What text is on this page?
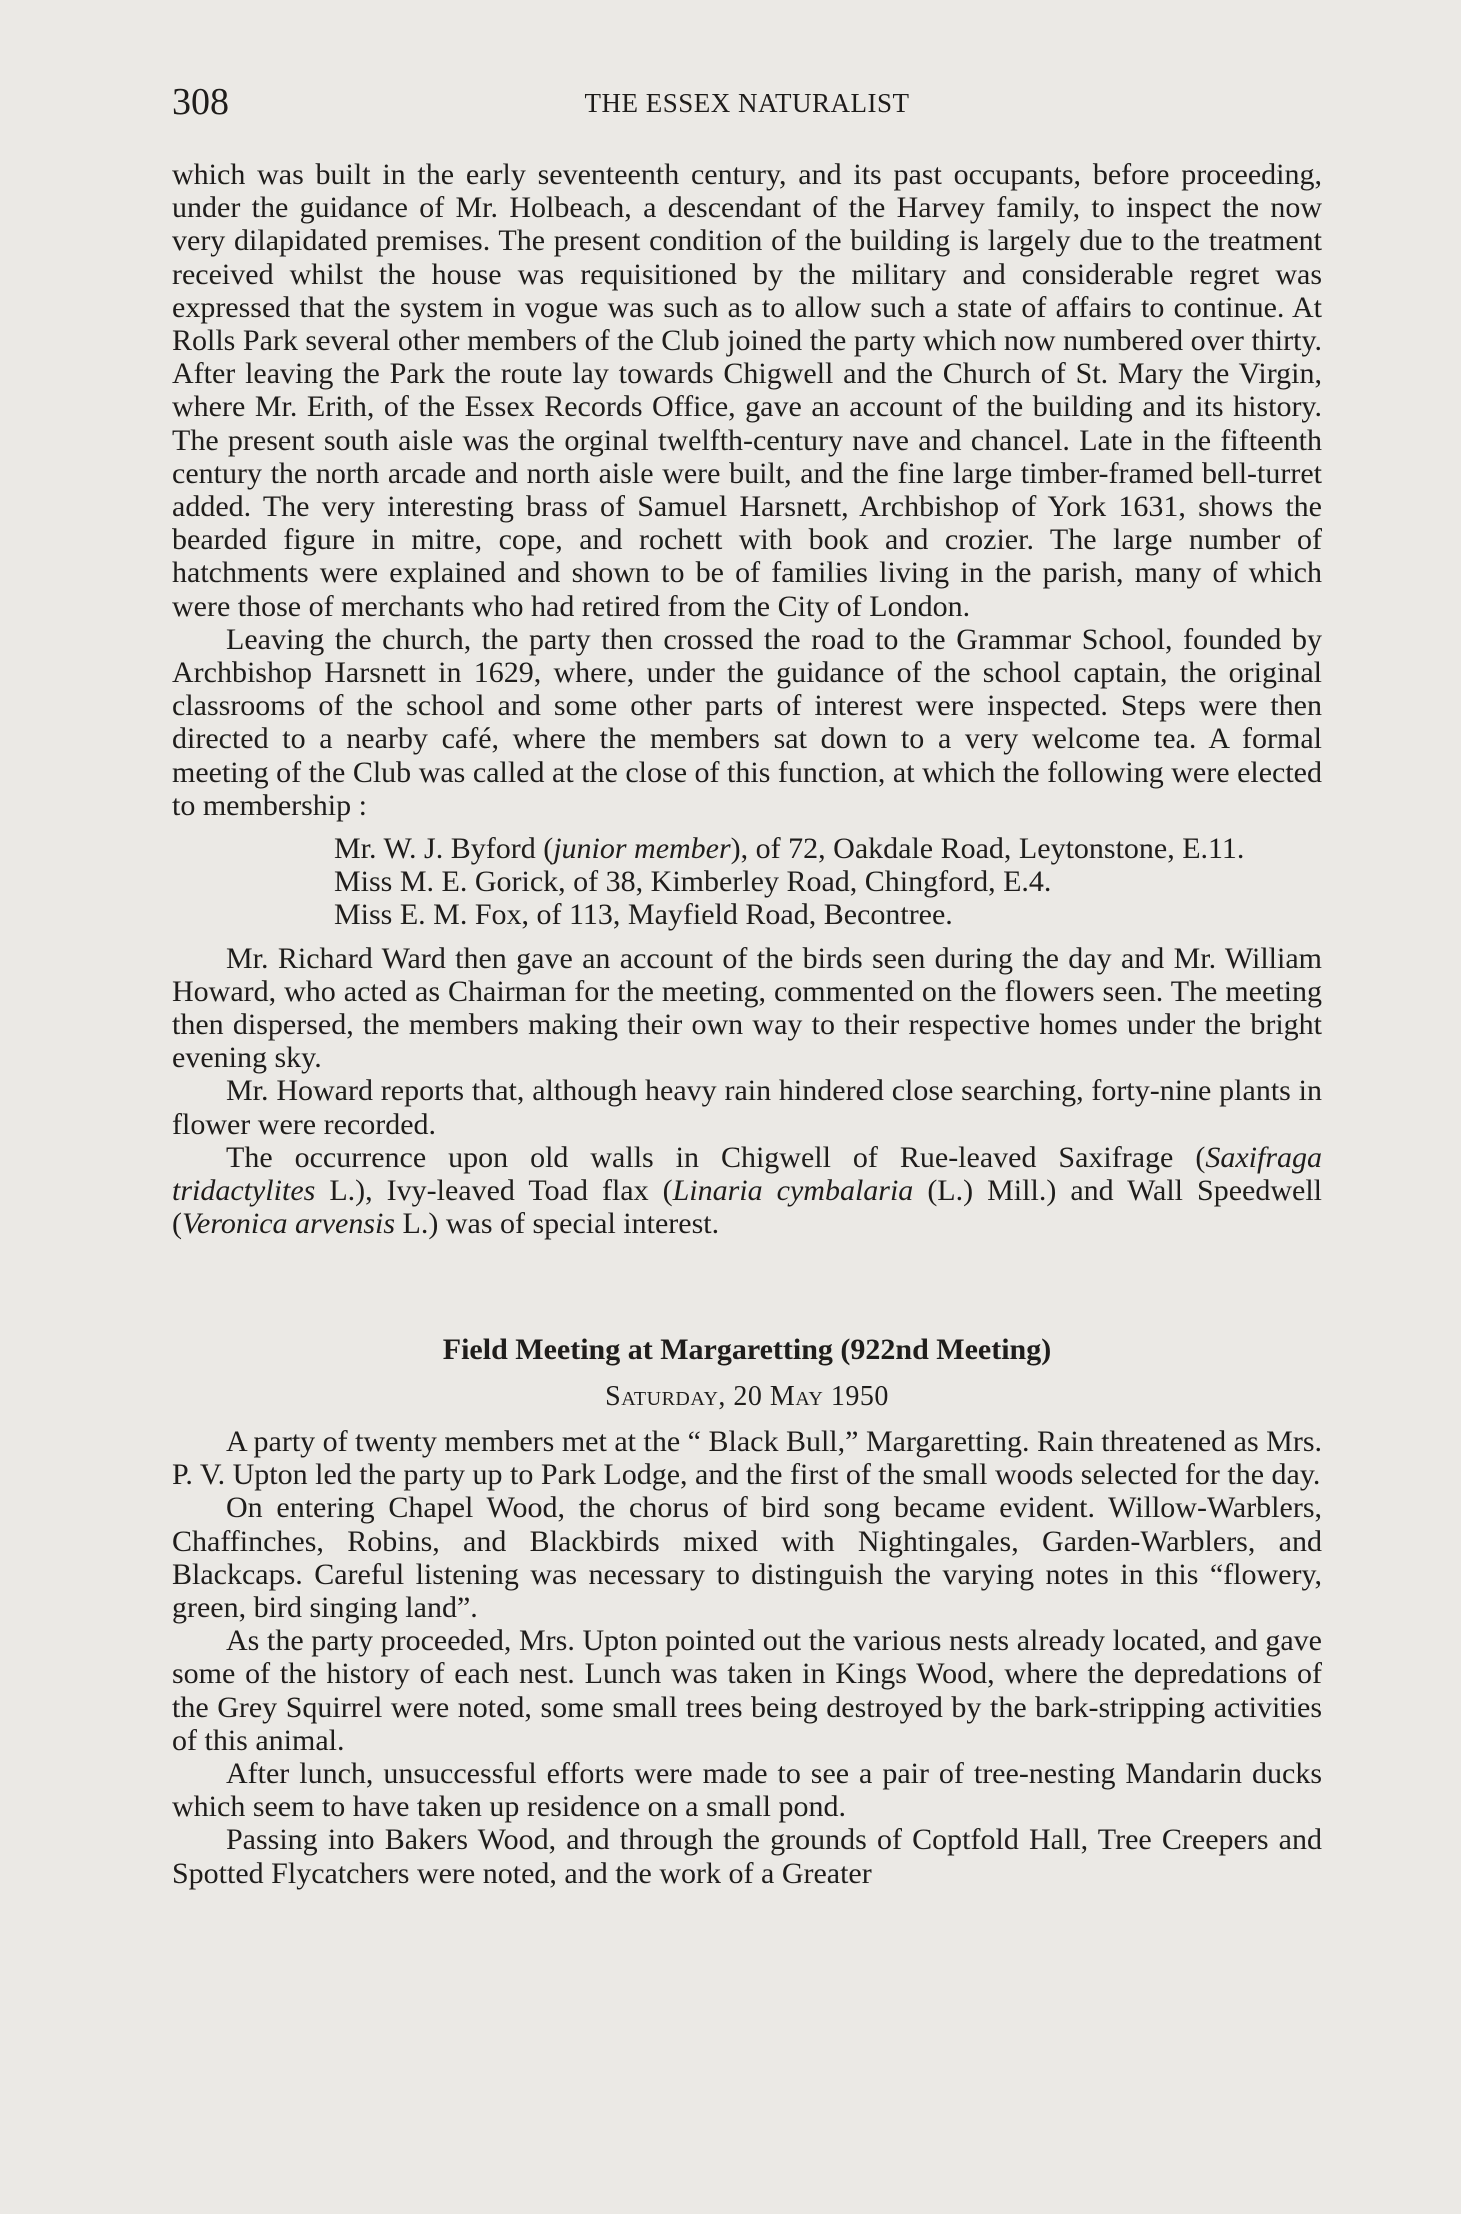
308	THE ESSEX NATURALIST

which was built in the early seventeenth century, and its past occupants, before proceeding, under the guidance of Mr. Holbeach, a descendant of the Harvey family, to inspect the now very dilapidated premises. The present condition of the building is largely due to the treatment received whilst the house was requisitioned by the military and considerable regret was expressed that the system in vogue was such as to allow such a state of affairs to continue. At Rolls Park several other members of the Club joined the party which now numbered over thirty. After leaving the Park the route lay towards Chigwell and the Church of St. Mary the Virgin, where Mr. Erith, of the Essex Records Office, gave an account of the building and its history. The present south aisle was the orginal twelfth-century nave and chancel. Late in the fifteenth century the north arcade and north aisle were built, and the fine large timber-framed bell-turret added. The very interesting brass of Samuel Harsnett, Archbishop of York 1631, shows the bearded figure in mitre, cope, and rochett with book and crozier. The large number of hatchments were explained and shown to be of families living in the parish, many of which were those of merchants who had retired from the City of London.

Leaving the church, the party then crossed the road to the Grammar School, founded by Archbishop Harsnett in 1629, where, under the guidance of the school captain, the original classrooms of the school and some other parts of interest were inspected. Steps were then directed to a nearby café, where the members sat down to a very welcome tea. A formal meeting of the Club was called at the close of this function, at which the following were elected to membership :

Mr. W. J. Byford (junior member), of 72, Oakdale Road, Leytonstone, E.11.

Miss M. E. Gorick, of 38, Kimberley Road, Chingford, E.4.

Miss E. M. Fox, of 113, Mayfield Road, Becontree.

Mr. Richard Ward then gave an account of the birds seen during the day and Mr. William Howard, who acted as Chairman for the meeting, commented on the flowers seen. The meeting then dispersed, the members making their own way to their respective homes under the bright evening sky.

Mr. Howard reports that, although heavy rain hindered close searching, forty-nine plants in flower were recorded.

The occurrence upon old walls in Chigwell of Rue-leaved Saxifrage (Saxifraga tridactylites L.), Ivy-leaved Toad flax (Linaria cymbalaria (L.) Mill.) and Wall Speedwell (Veronica arvensis L.) was of special interest.

Field Meeting at Margaretting (922nd Meeting)
Saturday, 20 May 1950

A party of twenty members met at the “ Black Bull,” Margaretting. Rain threatened as Mrs. P. V. Upton led the party up to Park Lodge, and the first of the small woods selected for the day.

On entering Chapel Wood, the chorus of bird song became evident. Willow-Warblers, Chaffinches, Robins, and Blackbirds mixed with Nightingales, Garden-Warblers, and Blackcaps. Careful listening was necessary to distinguish the varying notes in this “flowery, green, bird singing land”.

As the party proceeded, Mrs. Upton pointed out the various nests already located, and gave some of the history of each nest. Lunch was taken in Kings Wood, where the depredations of the Grey Squirrel were noted, some small trees being destroyed by the bark-stripping activities of this animal.

After lunch, unsuccessful efforts were made to see a pair of tree-nesting Mandarin ducks which seem to have taken up residence on a small pond.

Passing into Bakers Wood, and through the grounds of Coptfold Hall, Tree Creepers and Spotted Flycatchers were noted, and the work of a Greater
